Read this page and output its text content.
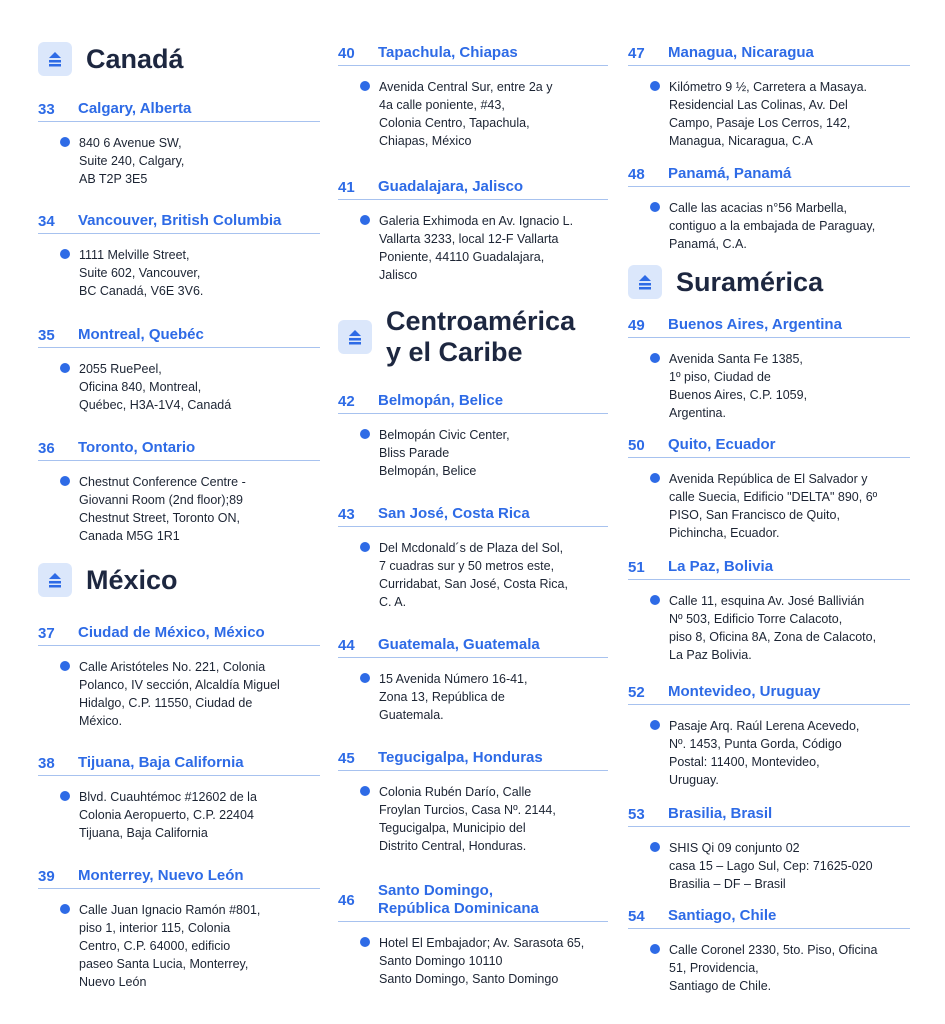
Canadá
33	Calgary, Alberta
840 6 Avenue SW,
Suite 240, Calgary,
AB T2P 3E5
34	Vancouver, British Columbia
1111 Melville Street,
Suite 602, Vancouver,
BC Canadá, V6E 3V6.
35	Montreal, Quebéc
2055 RuePeel,
Oficina 840, Montreal,
Québec, H3A-1V4, Canadá
36	Toronto, Ontario
Chestnut Conference Centre -
Giovanni Room (2nd floor);89
Chestnut Street, Toronto ON,
Canada M5G 1R1
México
37	Ciudad de México, México
Calle Aristóteles No. 221, Colonia
Polanco, IV sección, Alcaldía Miguel
Hidalgo, C.P. 11550, Ciudad de
México.
38	Tijuana, Baja California
Blvd. Cuauhtémoc #12602 de la
Colonia Aeropuerto, C.P. 22404
Tijuana, Baja California
39	Monterrey, Nuevo León
Calle Juan Ignacio Ramón #801,
piso 1, interior 115, Colonia
Centro, C.P. 64000, edificio
paseo Santa Lucia, Monterrey,
Nuevo León
40	Tapachula, Chiapas
Avenida Central Sur, entre 2a y
4a calle poniente, #43,
Colonia Centro, Tapachula,
Chiapas, México
41	Guadalajara, Jalisco
Galeria Exhimoda en Av. Ignacio L.
Vallarta 3233, local 12-F Vallarta
Poniente, 44110 Guadalajara,
Jalisco
Centroamérica
y el Caribe
42	Belmopán, Belice
Belmopán Civic Center,
Bliss Parade
Belmopán, Belice
43	San José, Costa Rica
Del Mcdonald´s de Plaza del Sol,
7 cuadras sur y 50 metros este,
Curridabat, San José, Costa Rica,
C. A.
44	Guatemala, Guatemala
15 Avenida Número 16-41,
Zona 13, República de
Guatemala.
45	Tegucigalpa, Honduras
Colonia Rubén Darío, Calle
Froylan Turcios, Casa Nº. 2144,
Tegucigalpa, Municipio del
Distrito Central, Honduras.
46
Santo Domingo,
República Dominicana
Hotel El Embajador; Av. Sarasota 65,
Santo Domingo 10110
Santo Domingo, Santo Domingo
47	Managua, Nicaragua
Kilómetro 9 ½, Carretera a Masaya.
Residencial Las Colinas, Av. Del
Campo, Pasaje Los Cerros, 142,
Managua, Nicaragua, C.A
48	Panamá, Panamá
Calle las acacias n°56 Marbella,
contiguo a la embajada de Paraguay,
Panamá, C.A.
Suramérica
49	Buenos Aires, Argentina
Avenida Santa Fe 1385,
1º piso, Ciudad de
Buenos Aires, C.P. 1059,
Argentina.
50	Quito, Ecuador
Avenida República de El Salvador y
calle Suecia, Edificio "DELTA" 890, 6º
PISO, San Francisco de Quito,
Pichincha, Ecuador.
51	La Paz, Bolivia
Calle 11, esquina Av. José Ballivián
Nº 503, Edificio Torre Calacoto,
piso 8, Oficina 8A, Zona de Calacoto,
La Paz Bolivia.
52	Montevideo, Uruguay
Pasaje Arq. Raúl Lerena Acevedo,
Nº. 1453, Punta Gorda, Código
Postal: 11400, Montevideo,
Uruguay.
53	Brasilia, Brasil
SHIS Qi 09 conjunto 02
casa 15 – Lago Sul, Cep: 71625-020
Brasilia – DF – Brasil
54	Santiago, Chile
Calle Coronel 2330, 5to. Piso, Oficina
51, Providencia,
Santiago de Chile.
